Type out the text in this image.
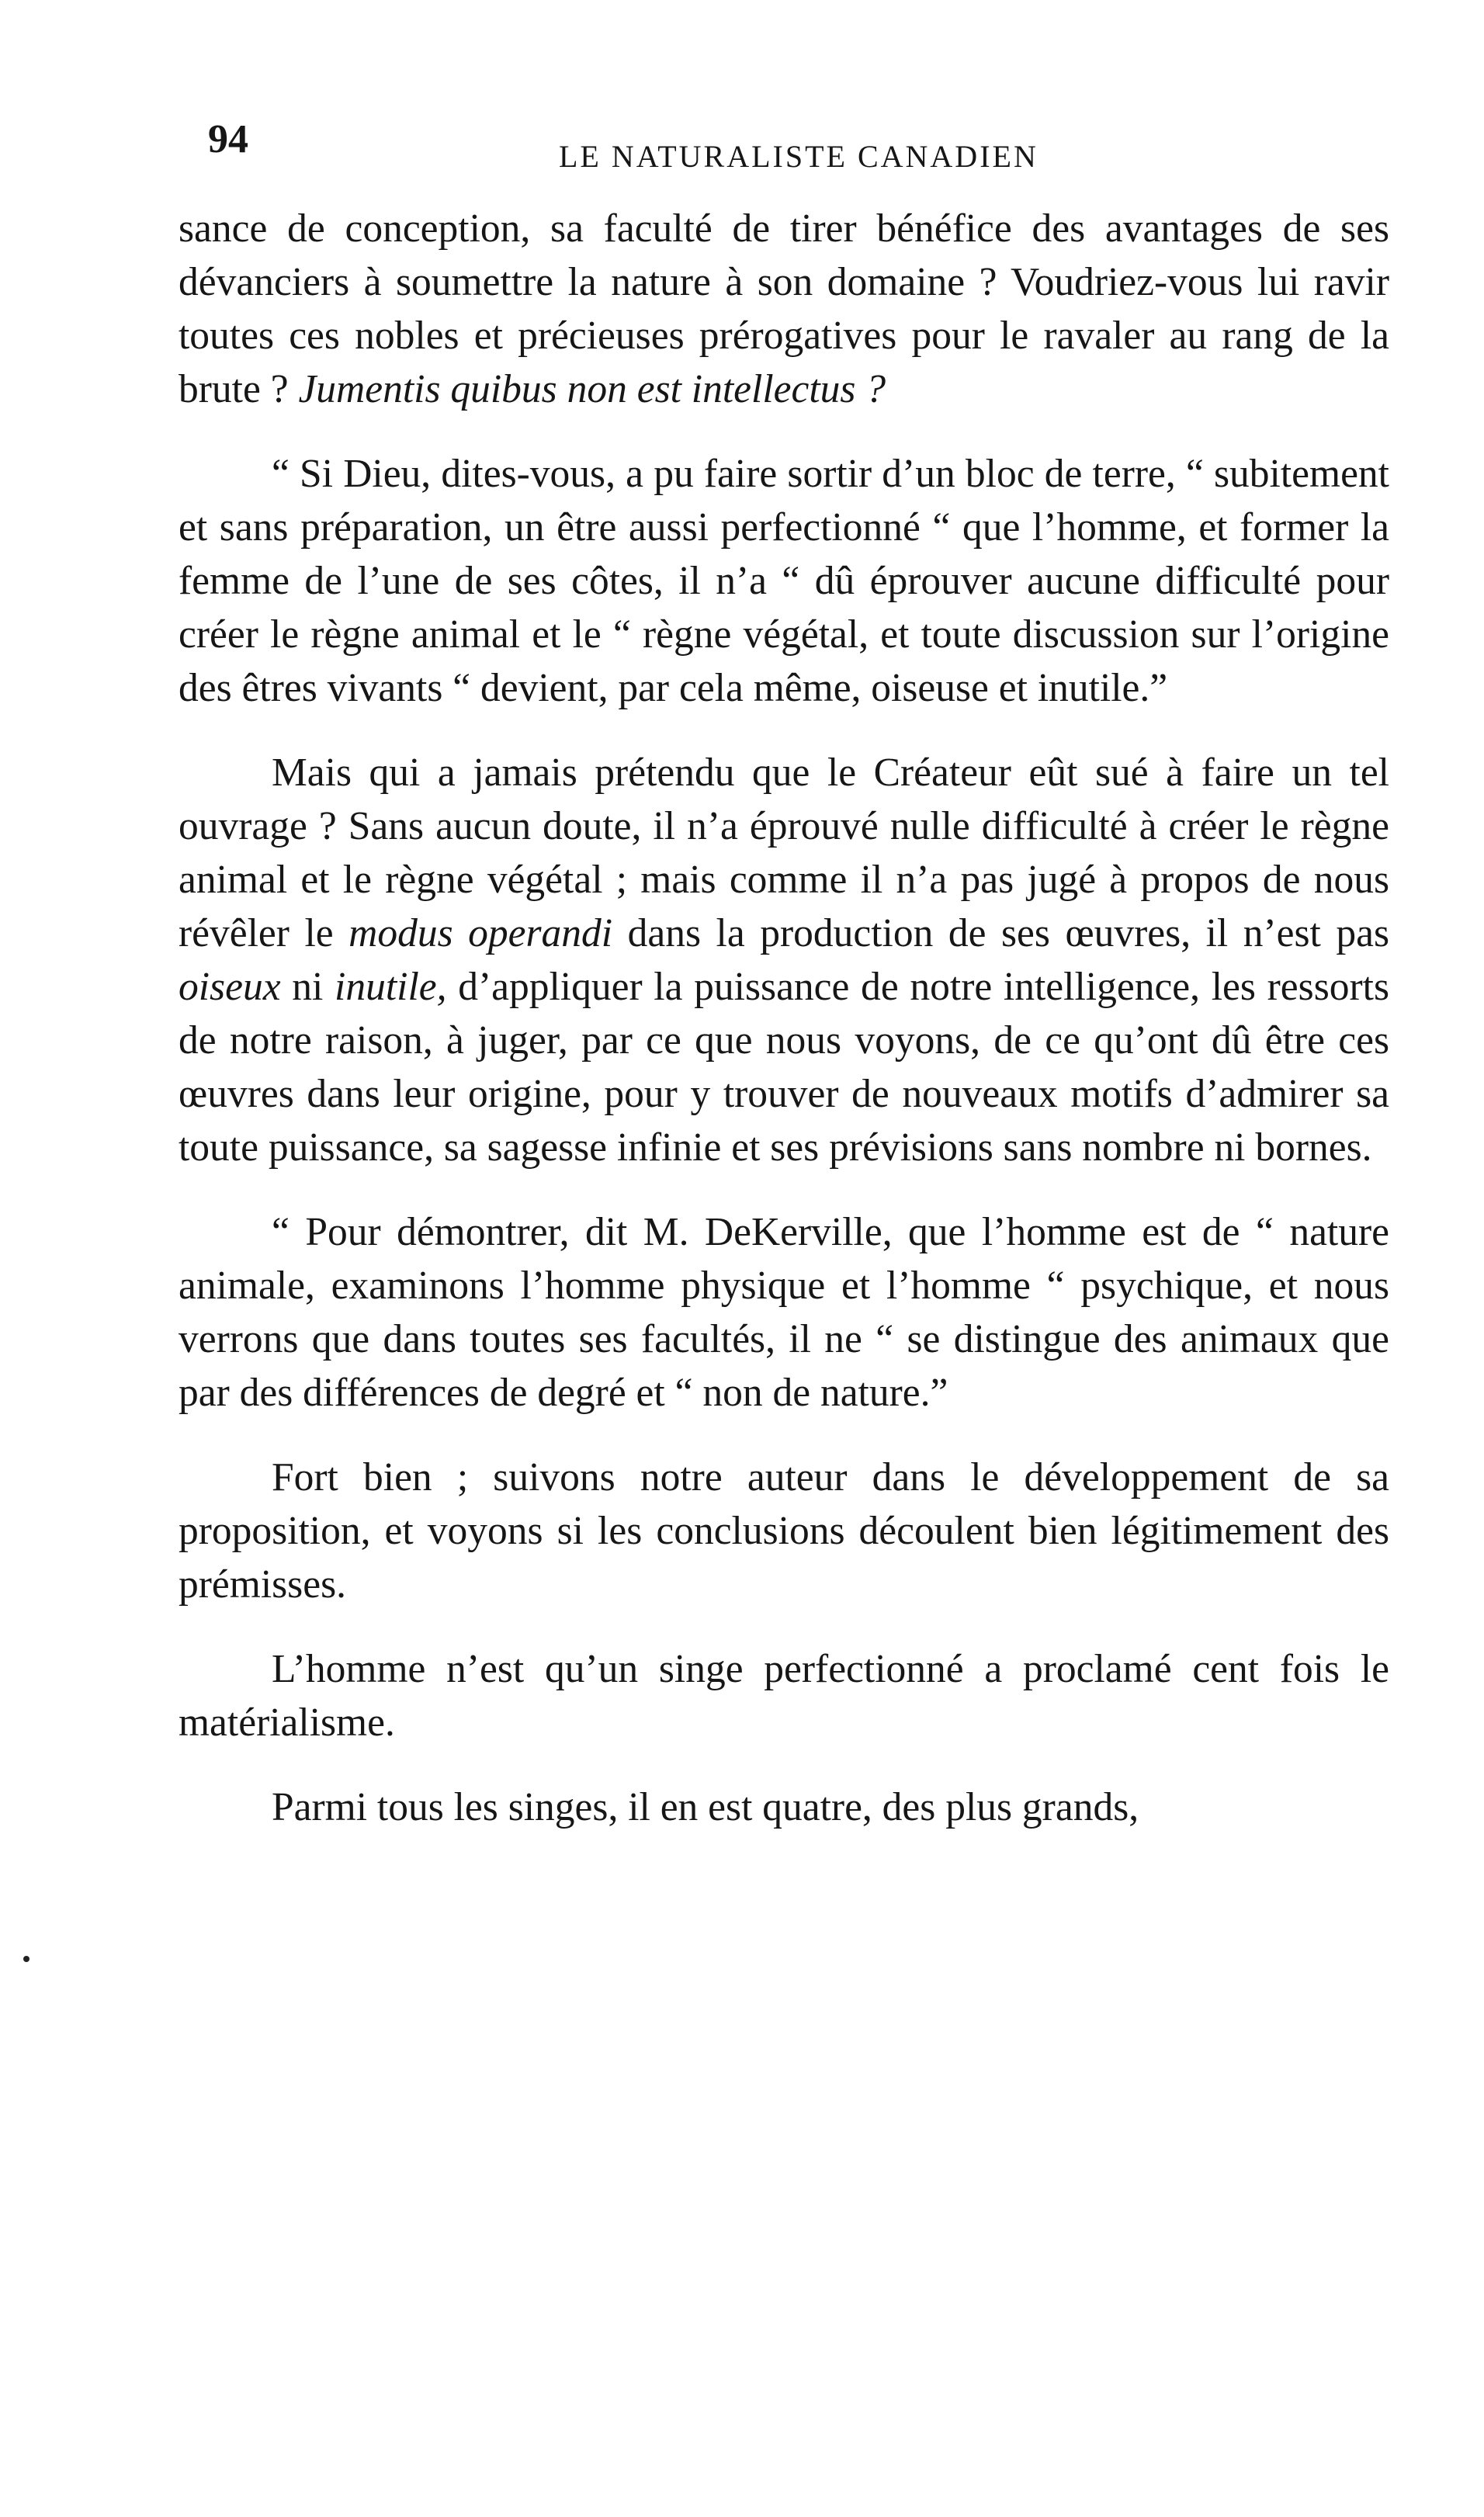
94	LE NATURALISTE CANADIEN

sance de conception, sa faculté de tirer bénéfice des avantages de ses dévanciers à soumettre la nature à son domaine ? Voudriez-vous lui ravir toutes ces nobles et précieuses prérogatives pour le ravaler au rang de la brute ? Jumentis quibus non est intellectus ?

“ Si Dieu, dites-vous, a pu faire sortir d’un bloc de terre, “ subitement et sans préparation, un être aussi perfectionné “ que l’homme, et former la femme de l’une de ses côtes, il n’a “ dû éprouver aucune difficulté pour créer le règne animal et le “ règne végétal, et toute discussion sur l’origine des êtres vivants “ devient, par cela même, oiseuse et inutile.”

Mais qui a jamais prétendu que le Créateur eût sué à faire un tel ouvrage ? Sans aucun doute, il n’a éprouvé nulle difficulté à créer le règne animal et le règne végétal ; mais comme il n’a pas jugé à propos de nous révêler le modus operandi dans la production de ses œuvres, il n’est pas oiseux ni inutile, d’appliquer la puissance de notre intelligence, les ressorts de notre raison, à juger, par ce que nous voyons, de ce qu’ont dû être ces œuvres dans leur origine, pour y trouver de nouveaux motifs d’admirer sa toute puissance, sa sagesse infinie et ses prévisions sans nombre ni bornes.

“ Pour démontrer, dit M. DeKerville, que l’homme est de “ nature animale, examinons l’homme physique et l’homme “ psychique, et nous verrons que dans toutes ses facultés, il ne “ se distingue des animaux que par des différences de degré et “ non de nature.”

Fort bien ; suivons notre auteur dans le développement de sa proposition, et voyons si les conclusions découlent bien légitimement des prémisses.

L’homme n’est qu’un singe perfectionné a proclamé cent fois le matérialisme.

Parmi tous les singes, il en est quatre, des plus grands,
